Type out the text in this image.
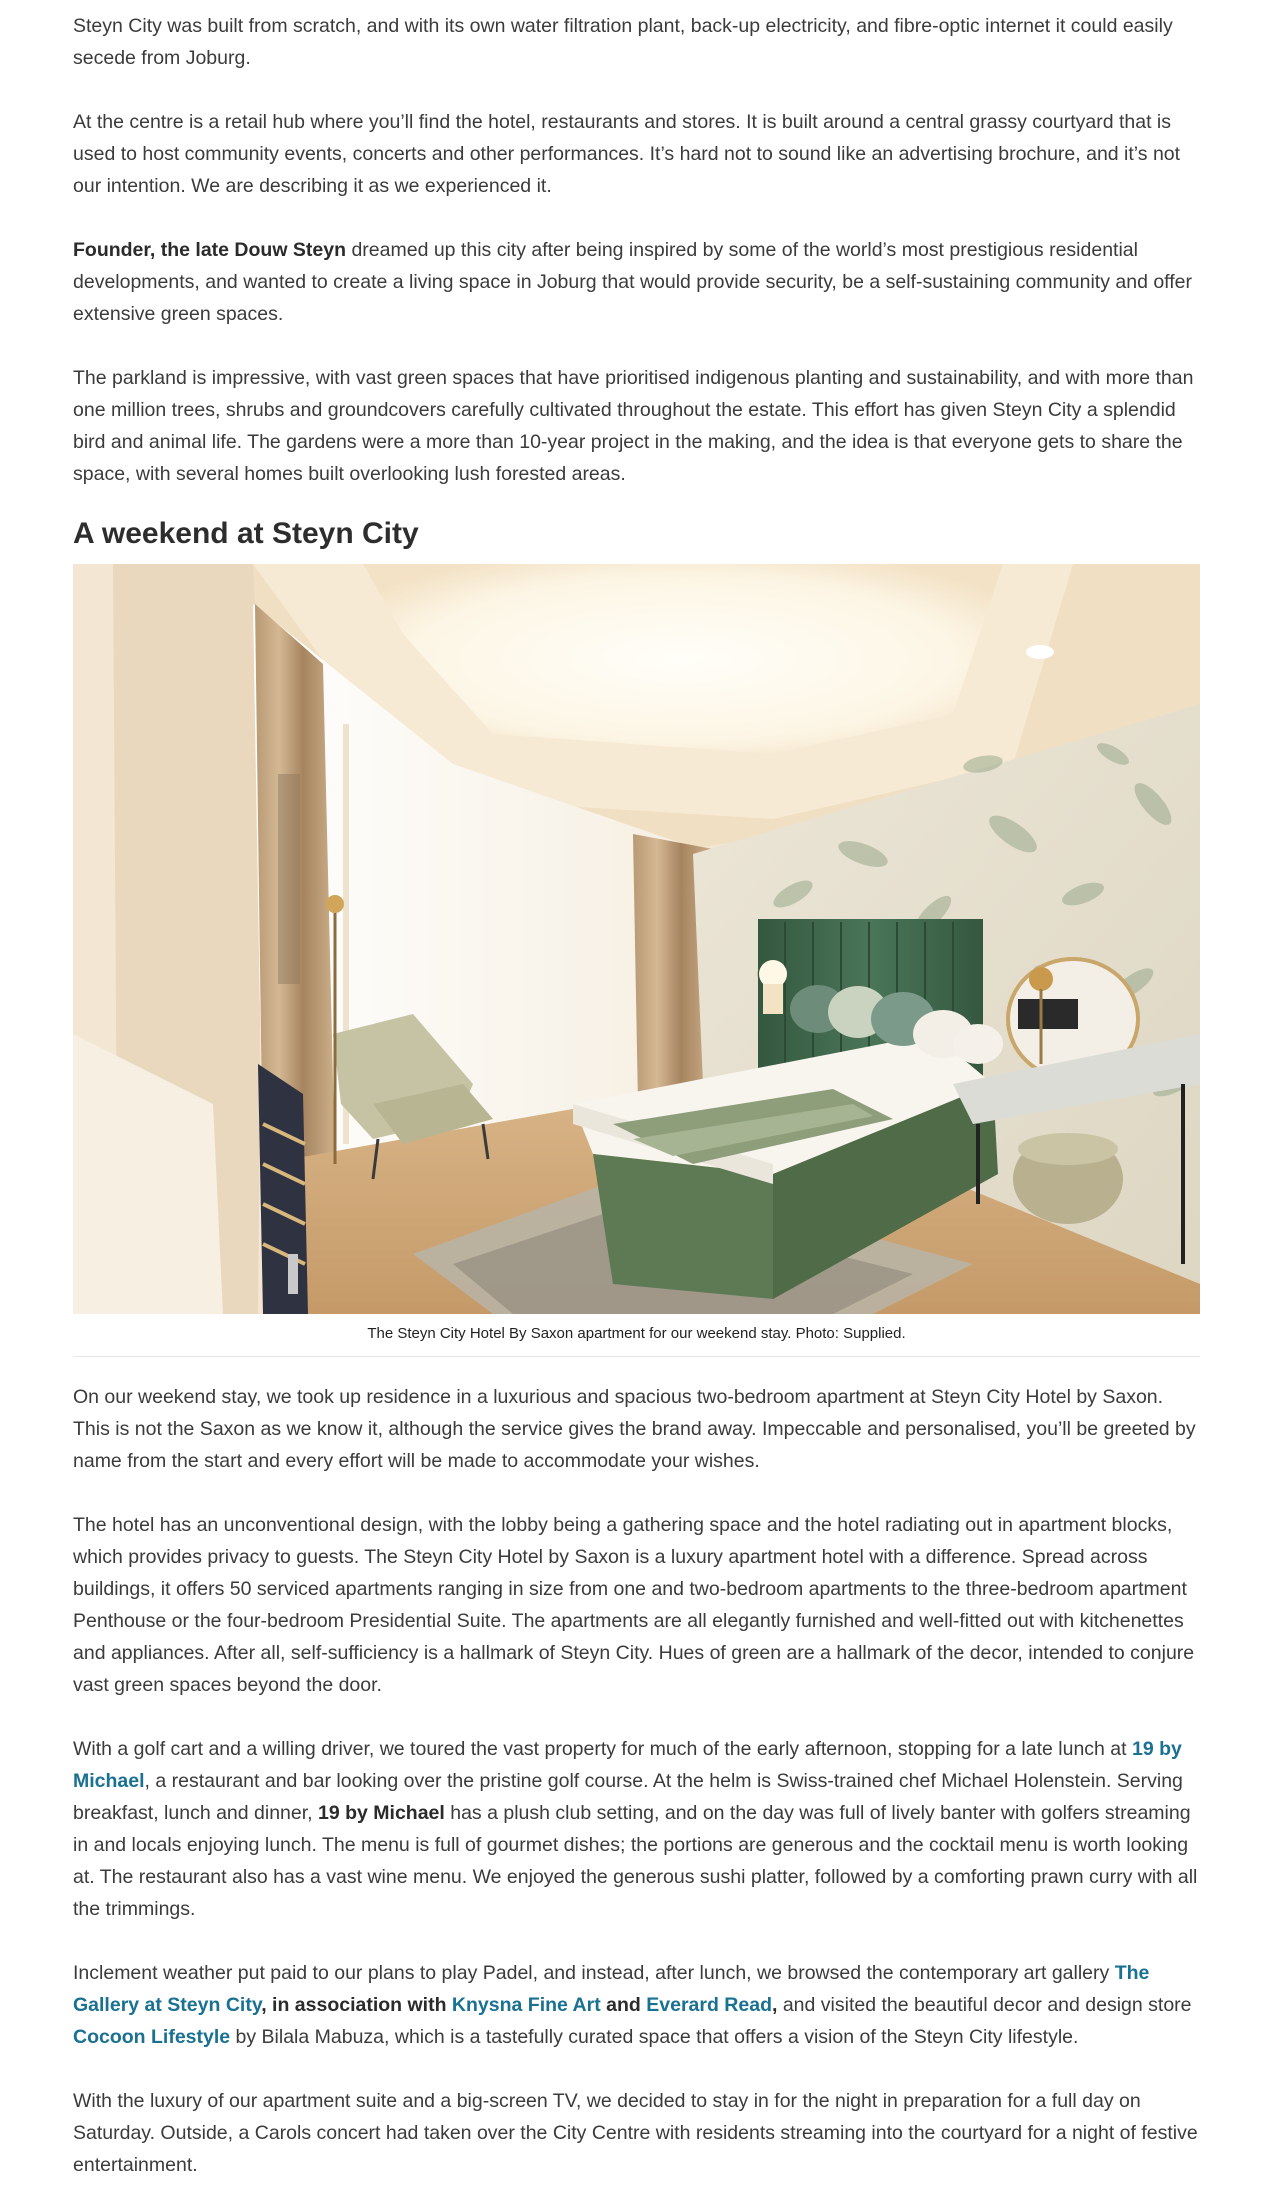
Steyn City was built from scratch, and with its own water filtration plant, back-up electricity, and fibre-optic internet it could easily secede from Joburg.

At the centre is a retail hub where you’ll find the hotel, restaurants and stores. It is built around a central grassy courtyard that is used to host community events, concerts and other performances. It’s hard not to sound like an advertising brochure, and it’s not our intention. We are describing it as we experienced it.

Founder, the late Douw Steyn dreamed up this city after being inspired by some of the world’s most prestigious residential developments, and wanted to create a living space in Joburg that would provide security, be a self-sustaining community and offer extensive green spaces.

The parkland is impressive, with vast green spaces that have prioritised indigenous planting and sustainability, and with more than one million trees, shrubs and groundcovers carefully cultivated throughout the estate. This effort has given Steyn City a splendid bird and animal life. The gardens were a more than 10-year project in the making, and the idea is that everyone gets to share the space, with several homes built overlooking lush forested areas.

A weekend at Steyn City
The Steyn City Hotel By Saxon apartment for our weekend stay. Photo: Supplied.

On our weekend stay, we took up residence in a luxurious and spacious two-bedroom apartment at Steyn City Hotel by Saxon. This is not the Saxon as we know it, although the service gives the brand away. Impeccable and personalised, you’ll be greeted by name from the start and every effort will be made to accommodate your wishes.

The hotel has an unconventional design, with the lobby being a gathering space and the hotel radiating out in apartment blocks, which provides privacy to guests. The Steyn City Hotel by Saxon is a luxury apartment hotel with a difference. Spread across buildings, it offers 50 serviced apartments ranging in size from one and two-bedroom apartments to the three-bedroom apartment Penthouse or the four-bedroom Presidential Suite. The apartments are all elegantly furnished and well-fitted out with kitchenettes and appliances. After all, self-sufficiency is a hallmark of Steyn City. Hues of green are a hallmark of the decor, intended to conjure vast green spaces beyond the door.

With a golf cart and a willing driver, we toured the vast property for much of the early afternoon, stopping for a late lunch at 19 by Michael, a restaurant and bar looking over the pristine golf course. At the helm is Swiss-trained chef Michael Holenstein. Serving breakfast, lunch and dinner, 19 by Michael has a plush club setting, and on the day was full of lively banter with golfers streaming in and locals enjoying lunch. The menu is full of gourmet dishes; the portions are generous and the cocktail menu is worth looking at. The restaurant also has a vast wine menu. We enjoyed the generous sushi platter, followed by a comforting prawn curry with all the trimmings.

Inclement weather put paid to our plans to play Padel, and instead, after lunch, we browsed the contemporary art gallery The Gallery at Steyn City, in association with Knysna Fine Art and Everard Read, and visited the beautiful decor and design store Cocoon Lifestyle by Bilala Mabuza, which is a tastefully curated space that offers a vision of the Steyn City lifestyle.

With the luxury of our apartment suite and a big-screen TV, we decided to stay in for the night in preparation for a full day on Saturday. Outside, a Carols concert had taken over the City Centre with residents streaming into the courtyard for a night of festive entertainment.
